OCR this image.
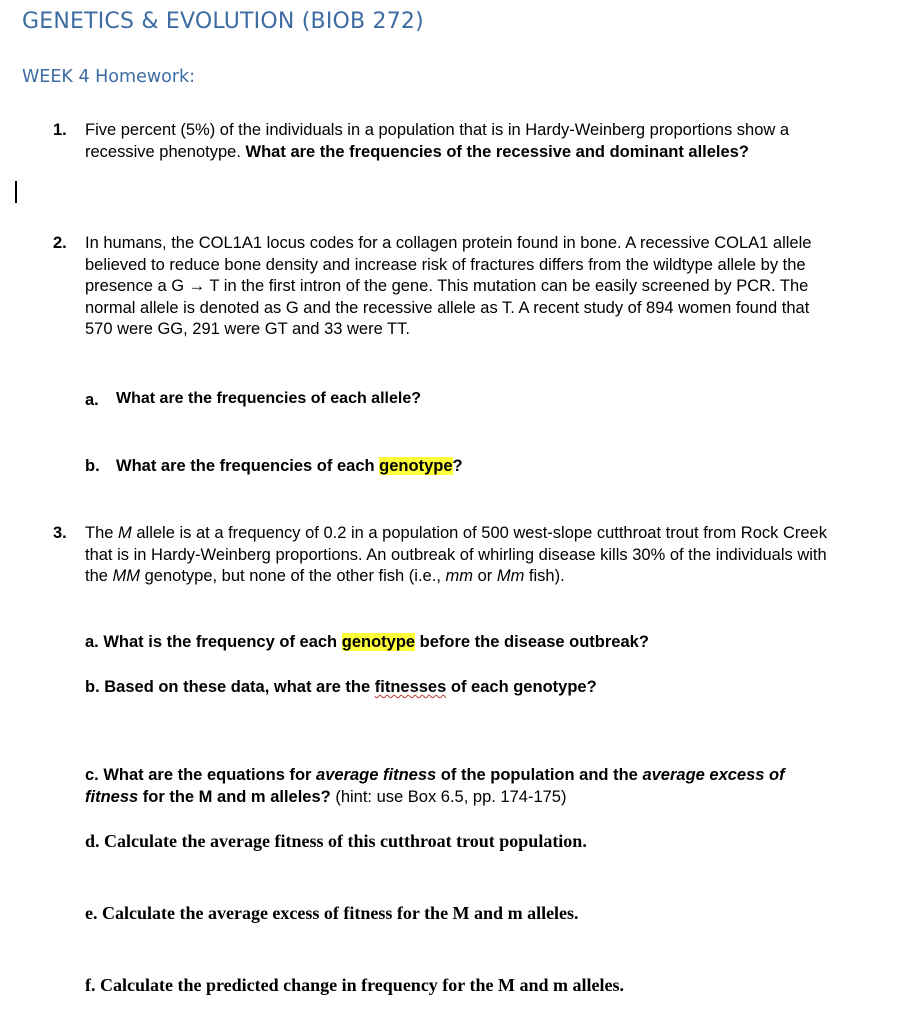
GENETICS & EVOLUTION (BIOB 272)
WEEK 4 Homework:
1. Five percent (5%) of the individuals in a population that is in Hardy-Weinberg proportions show a recessive phenotype. What are the frequencies of the recessive and dominant alleles?
2. In humans, the COL1A1 locus codes for a collagen protein found in bone. A recessive COLA1 allele believed to reduce bone density and increase risk of fractures differs from the wildtype allele by the presence a G → T in the first intron of the gene. This mutation can be easily screened by PCR. The normal allele is denoted as G and the recessive allele as T. A recent study of 894 women found that 570 were GG, 291 were GT and 33 were TT.
a. What are the frequencies of each allele?
b. What are the frequencies of each genotype?
3. The M allele is at a frequency of 0.2 in a population of 500 west-slope cutthroat trout from Rock Creek that is in Hardy-Weinberg proportions. An outbreak of whirling disease kills 30% of the individuals with the MM genotype, but none of the other fish (i.e., mm or Mm fish).
a. What is the frequency of each genotype before the disease outbreak?
b. Based on these data, what are the fitnesses of each genotype?
c. What are the equations for average fitness of the population and the average excess of fitness for the M and m alleles? (hint: use Box 6.5, pp. 174-175)
d. Calculate the average fitness of this cutthroat trout population.
e. Calculate the average excess of fitness for the M and m alleles.
f. Calculate the predicted change in frequency for the M and m alleles.
